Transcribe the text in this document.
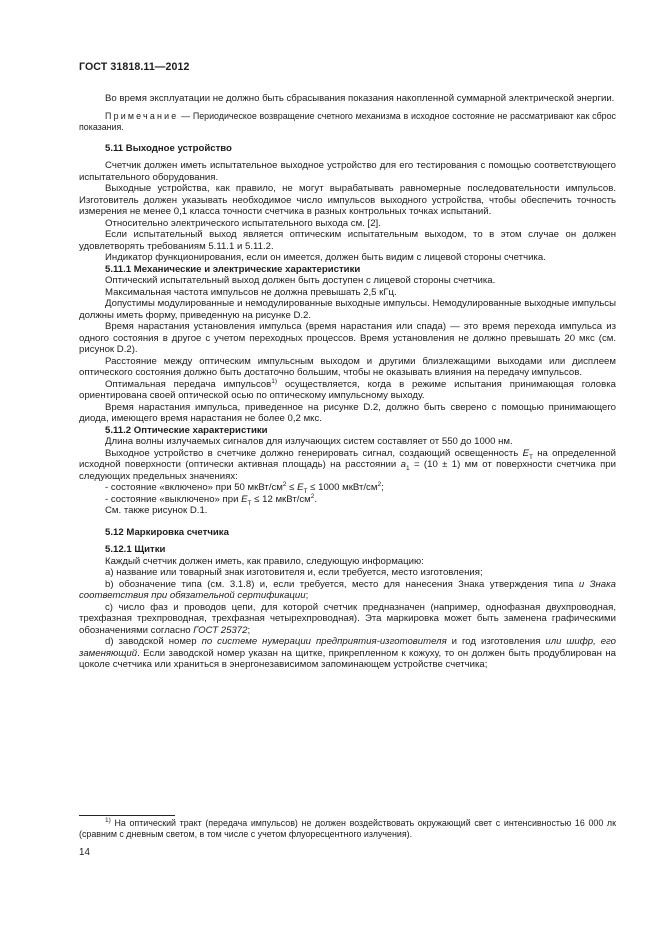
ГОСТ 31818.11—2012

Во время эксплуатации не должно быть сбрасывания показания накопленной суммарной электрической энергии.

Примечание — Периодическое возвращение счетного механизма в исходное состояние не рассматривают как сброс показания.

5.11 Выходное устройство

Счетчик должен иметь испытательное выходное устройство для его тестирования с помощью соответствующего испытательного оборудования.

Выходные устройства, как правило, не могут вырабатывать равномерные последовательности импульсов. Изготовитель должен указывать необходимое число импульсов выходного устройства, чтобы обеспечить точность измерения не менее 0,1 класса точности счетчика в разных контрольных точках испытаний.

Относительно электрического испытательного выхода см. [2].

Если испытательный выход является оптическим испытательным выходом, то в этом случае он должен удовлетворять требованиям 5.11.1 и 5.11.2.

Индикатор функционирования, если он имеется, должен быть видим с лицевой стороны счетчика.

5.11.1 Механические и электрические характеристики

Оптический испытательный выход должен быть доступен с лицевой стороны счетчика.

Максимальная частота импульсов не должна превышать 2,5 кГц.

Допустимы модулированные и немодулированные выходные импульсы. Немодулированные выходные импульсы должны иметь форму, приведенную на рисунке D.2.

Время нарастания установления импульса (время нарастания или спада) — это время перехода импульса из одного состояния в другое с учетом переходных процессов. Время установления не должно превышать 20 мкс (см. рисунок D.2).

Расстояние между оптическим импульсным выходом и другими близлежащими выходами или дисплеем оптического состояния должно быть достаточно большим, чтобы не оказывать влияния на передачу импульсов.

Оптимальная передача импульсов$^{1)}$ осуществляется, когда в режиме испытания принимающая головка ориентирована своей оптической осью по оптическому импульсному выходу.

Время нарастания импульса, приведенное на рисунке D.2, должно быть сверено с помощью принимающего диода, имеющего время нарастания не более 0,2 мкс.

5.11.2 Оптические характеристики

Длина волны излучаемых сигналов для излучающих систем составляет от 550 до 1000 нм.

Выходное устройство в счетчике должно генерировать сигнал, создающий освещенность $E_T$ на определенной исходной поверхности (оптически активная площадь) на расстоянии $a_1 = (10 \pm 1)$ мм от поверхности счетчика при следующих предельных значениях:

- состояние «включено» при 50 мкВт/$см^2 \le E_T \le 1000$ мкВт/$см^2$;

- состояние «выключено» при $E_T \le 12$ мкВт/$см^2$.

См. также рисунок D.1.

5.12 Маркировка счетчика

5.12.1 Щитки

Каждый счетчик должен иметь, как правило, следующую информацию:

а) название или товарный знак изготовителя и, если требуется, место изготовления;

b) обозначение типа (см. 3.1.8) и, если требуется, место для нанесения Знака утверждения типа и Знака соответствия при обязательной сертификации;

с) число фаз и проводов цепи, для которой счетчик предназначен (например, однофазная двухпроводная, трехфазная трехпроводная, трехфазная четырехпроводная). Эта маркировка может быть заменена графическими обозначениями согласно ГОСТ 25372;

d) заводской номер по системе нумерации предприятия-изготовителя и год изготовления или шифр, его заменяющий. Если заводской номер указан на щитке, прикрепленном к кожуху, то он должен быть продублирован на цоколе счетчика или храниться в энергонезависимом запоминающем устройстве счетчика;

$^{1)}$ На оптический тракт (передача импульсов) не должен воздействовать окружающий свет с интенсивностью 16 000 лк (сравним с дневным светом, в том числе с учетом флуоресцентного излучения).
14
